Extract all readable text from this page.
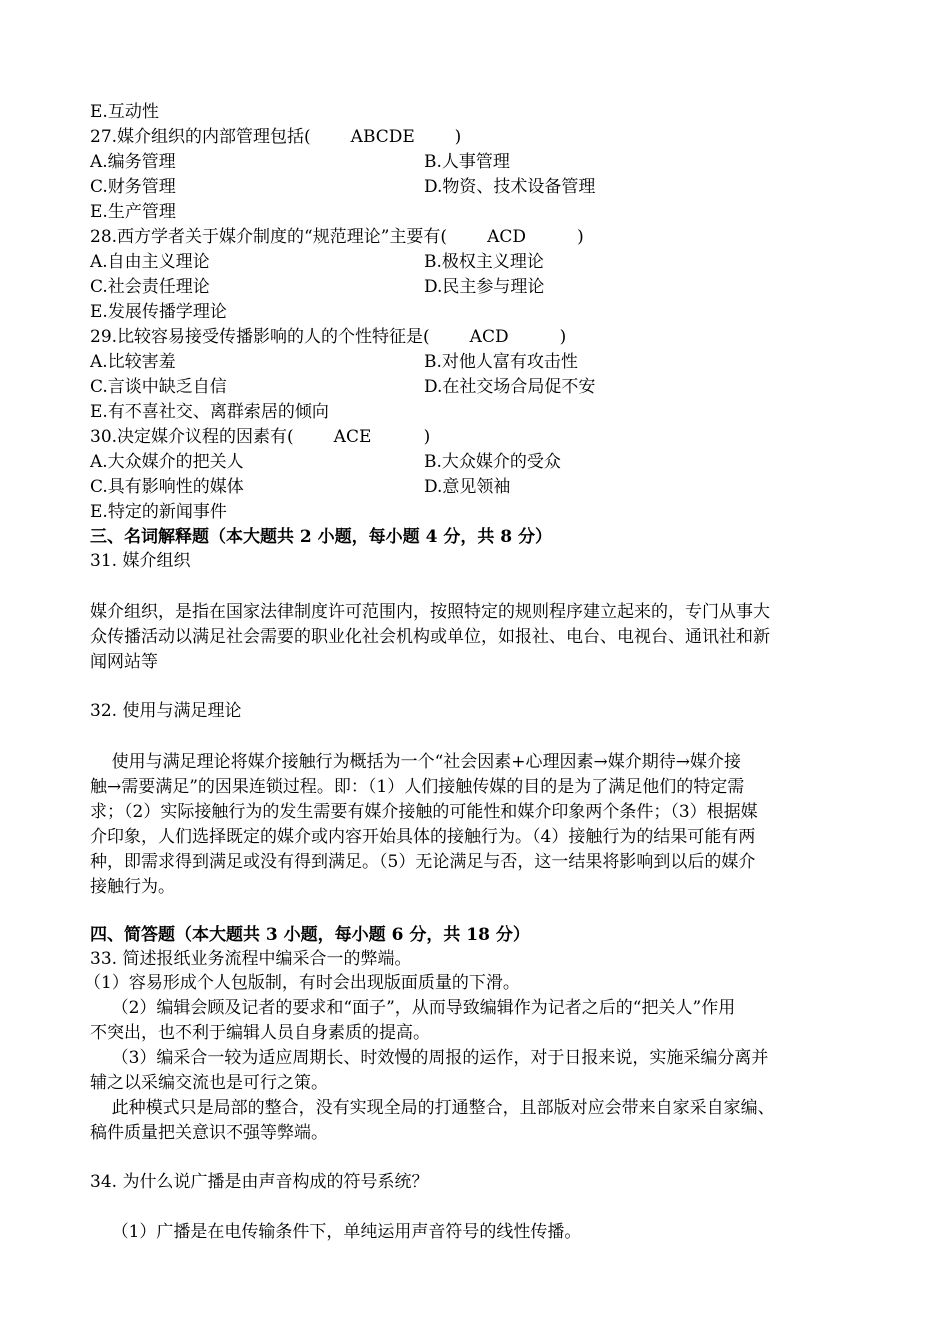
E.互动性
27.媒介组织的内部管理包括( ABCDE )
A.编务管理	B.人事管理
C.财务管理	D.物资、技术设备管理
E.生产管理
28.西方学者关于媒介制度的“规范理论”主要有( ACD	)
A.自由主义理论	B.极权主义理论
C.社会责任理论	D.民主参与理论
E.发展传播学理论
29.比较容易接受传播影响的人的个性特征是( ACD	)
A.比较害羞	B.对他人富有攻击性
C.言谈中缺乏自信	D.在社交场合局促不安
E.有不喜社交、离群索居的倾向
30.决定媒介议程的因素有( ACE	)
A.大众媒介的把关人	B.大众媒介的受众
C.具有影响性的媒体	D.意见领袖
E.特定的新闻事件
三、名词解释题（本大题共 2 小题，每小题 4 分，共 8 分）
31. 媒介组织
媒介组织，是指在国家法律制度许可范围内，按照特定的规则程序建立起来的，专门从事大
众传播活动以满足社会需要的职业化社会机构或单位，如报社、电台、电视台、通讯社和新
闻网站等
32. 使用与满足理论
使用与满足理论将媒介接触行为概括为一个“社会因素+心理因素→媒介期待→媒介接
触→需要满足”的因果连锁过程。即：（1）人们接触传媒的目的是为了满足他们的特定需
求；（2）实际接触行为的发生需要有媒介接触的可能性和媒介印象两个条件；（3）根据媒
介印象，人们选择既定的媒介或内容开始具体的接触行为。（4）接触行为的结果可能有两
种，即需求得到满足或没有得到满足。（5）无论满足与否，这一结果将影响到以后的媒介
接触行为。
四、简答题（本大题共 3 小题，每小题 6 分，共 18 分）
33. 简述报纸业务流程中编采合一的弊端。
（1）容易形成个人包版制，有时会出现版面质量的下滑。
（2）编辑会顾及记者的要求和“面子”，从而导致编辑作为记者之后的“把关人”作用
不突出，也不利于编辑人员自身素质的提高。
（3）编采合一较为适应周期长、时效慢的周报的运作，对于日报来说，实施采编分离并
辅之以采编交流也是可行之策。
此种模式只是局部的整合，没有实现全局的打通整合，且部版对应会带来自家采自家编、
稿件质量把关意识不强等弊端。
34. 为什么说广播是由声音构成的符号系统？
（1）广播是在电传输条件下，单纯运用声音符号的线性传播。
